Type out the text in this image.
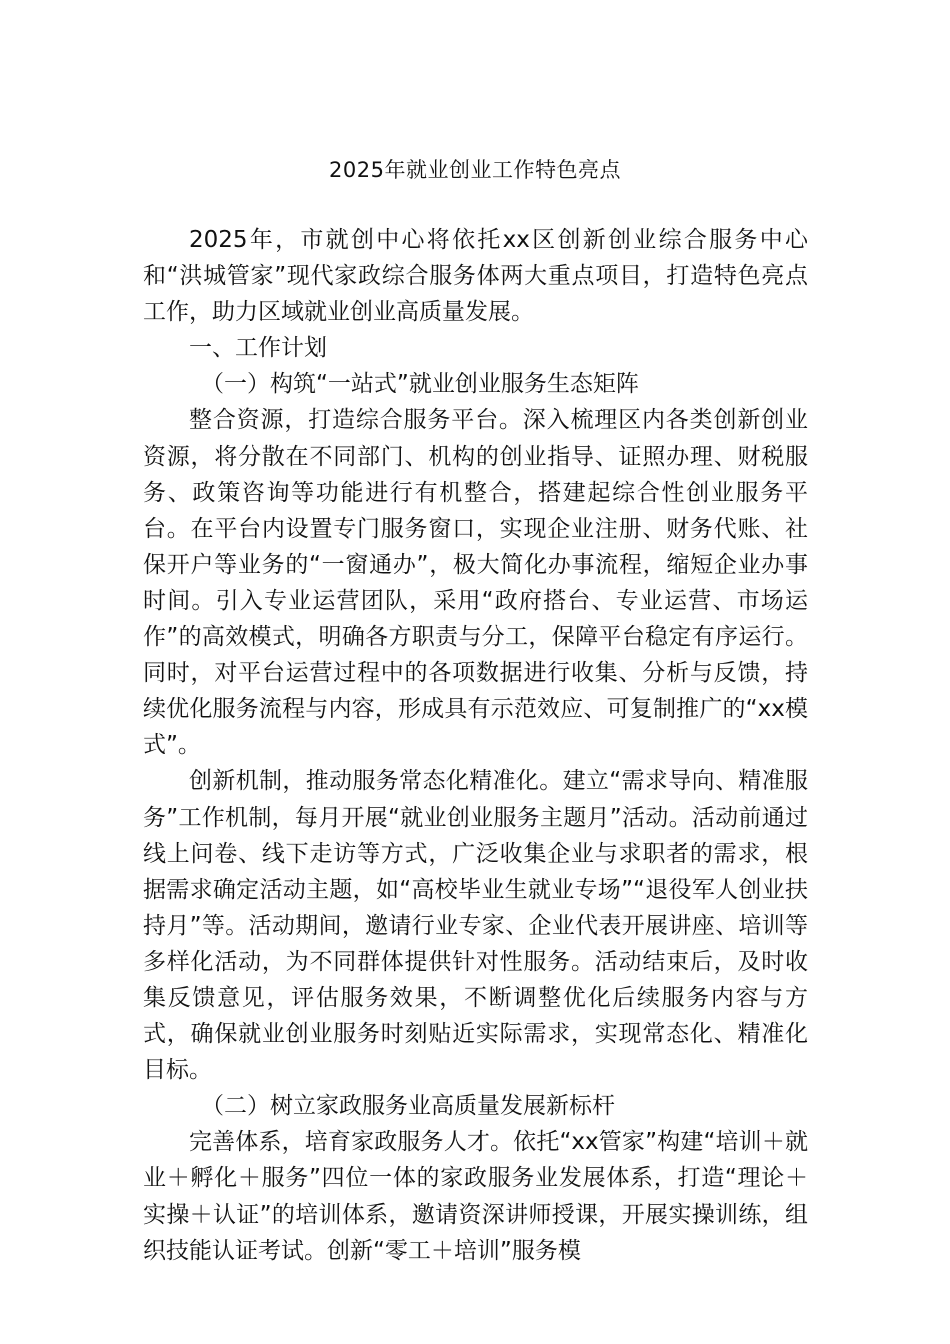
2025年就业创业工作特色亮点

2025年，市就创中心将依托xx区创新创业综合服务中心和“洪城管家”现代家政综合服务体两大重点项目，打造特色亮点工作，助力区域就业创业高质量发展。

一、工作计划

（一）构筑“一站式”就业创业服务生态矩阵

整合资源，打造综合服务平台。深入梳理区内各类创新创业资源，将分散在不同部门、机构的创业指导、证照办理、财税服务、政策咨询等功能进行有机整合，搭建起综合性创业服务平台。在平台内设置专门服务窗口，实现企业注册、财务代账、社保开户等业务的“一窗通办”，极大简化办事流程，缩短企业办事时间。引入专业运营团队，采用“政府搭台、专业运营、市场运作”的高效模式，明确各方职责与分工，保障平台稳定有序运行。同时，对平台运营过程中的各项数据进行收集、分析与反馈，持续优化服务流程与内容，形成具有示范效应、可复制推广的“xx模式”。

创新机制，推动服务常态化精准化。建立“需求导向、精准服务”工作机制，每月开展“就业创业服务主题月”活动。活动前通过线上问卷、线下走访等方式，广泛收集企业与求职者的需求，根据需求确定活动主题，如“高校毕业生就业专场”“退役军人创业扶持月”等。活动期间，邀请行业专家、企业代表开展讲座、培训等多样化活动，为不同群体提供针对性服务。活动结束后，及时收集反馈意见，评估服务效果，不断调整优化后续服务内容与方式，确保就业创业服务时刻贴近实际需求，实现常态化、精准化目标。

（二）树立家政服务业高质量发展新标杆

完善体系，培育家政服务人才。依托“xx管家”构建“培训＋就业＋孵化＋服务”四位一体的家政服务业发展体系，打造“理论＋实操＋认证”的培训体系，邀请资深讲师授课，开展实操训练，组织技能认证考试。创新“零工＋培训”服务模
